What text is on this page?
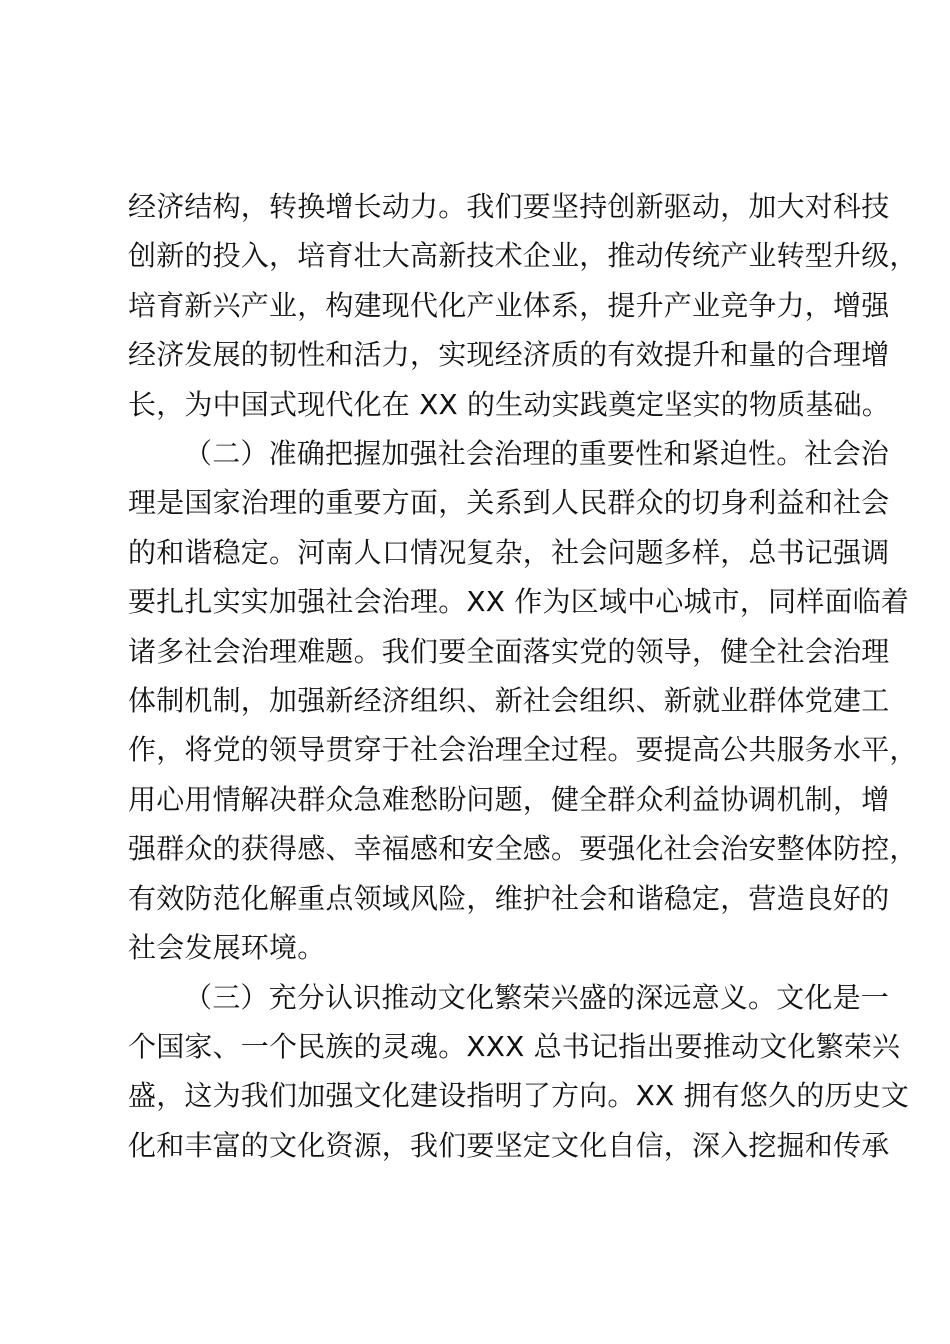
经济结构，转换增长动力。我们要坚持创新驱动，加大对科技
创新的投入，培育壮大高新技术企业，推动传统产业转型升级，
培育新兴产业，构建现代化产业体系，提升产业竞争力，增强
经济发展的韧性和活力，实现经济质的有效提升和量的合理增
长，为中国式现代化在 XX 的生动实践奠定坚实的物质基础。
（二）准确把握加强社会治理的重要性和紧迫性。社会治
理是国家治理的重要方面，关系到人民群众的切身利益和社会
的和谐稳定。河南人口情况复杂，社会问题多样，总书记强调
要扎扎实实加强社会治理。XX 作为区域中心城市，同样面临着
诸多社会治理难题。我们要全面落实党的领导，健全社会治理
体制机制，加强新经济组织、新社会组织、新就业群体党建工
作，将党的领导贯穿于社会治理全过程。要提高公共服务水平，
用心用情解决群众急难愁盼问题，健全群众利益协调机制，增
强群众的获得感、幸福感和安全感。要强化社会治安整体防控，
有效防范化解重点领域风险，维护社会和谐稳定，营造良好的
社会发展环境。
（三）充分认识推动文化繁荣兴盛的深远意义。文化是一
个国家、一个民族的灵魂。XXX 总书记指出要推动文化繁荣兴
盛，这为我们加强文化建设指明了方向。XX 拥有悠久的历史文
化和丰富的文化资源，我们要坚定文化自信，深入挖掘和传承
